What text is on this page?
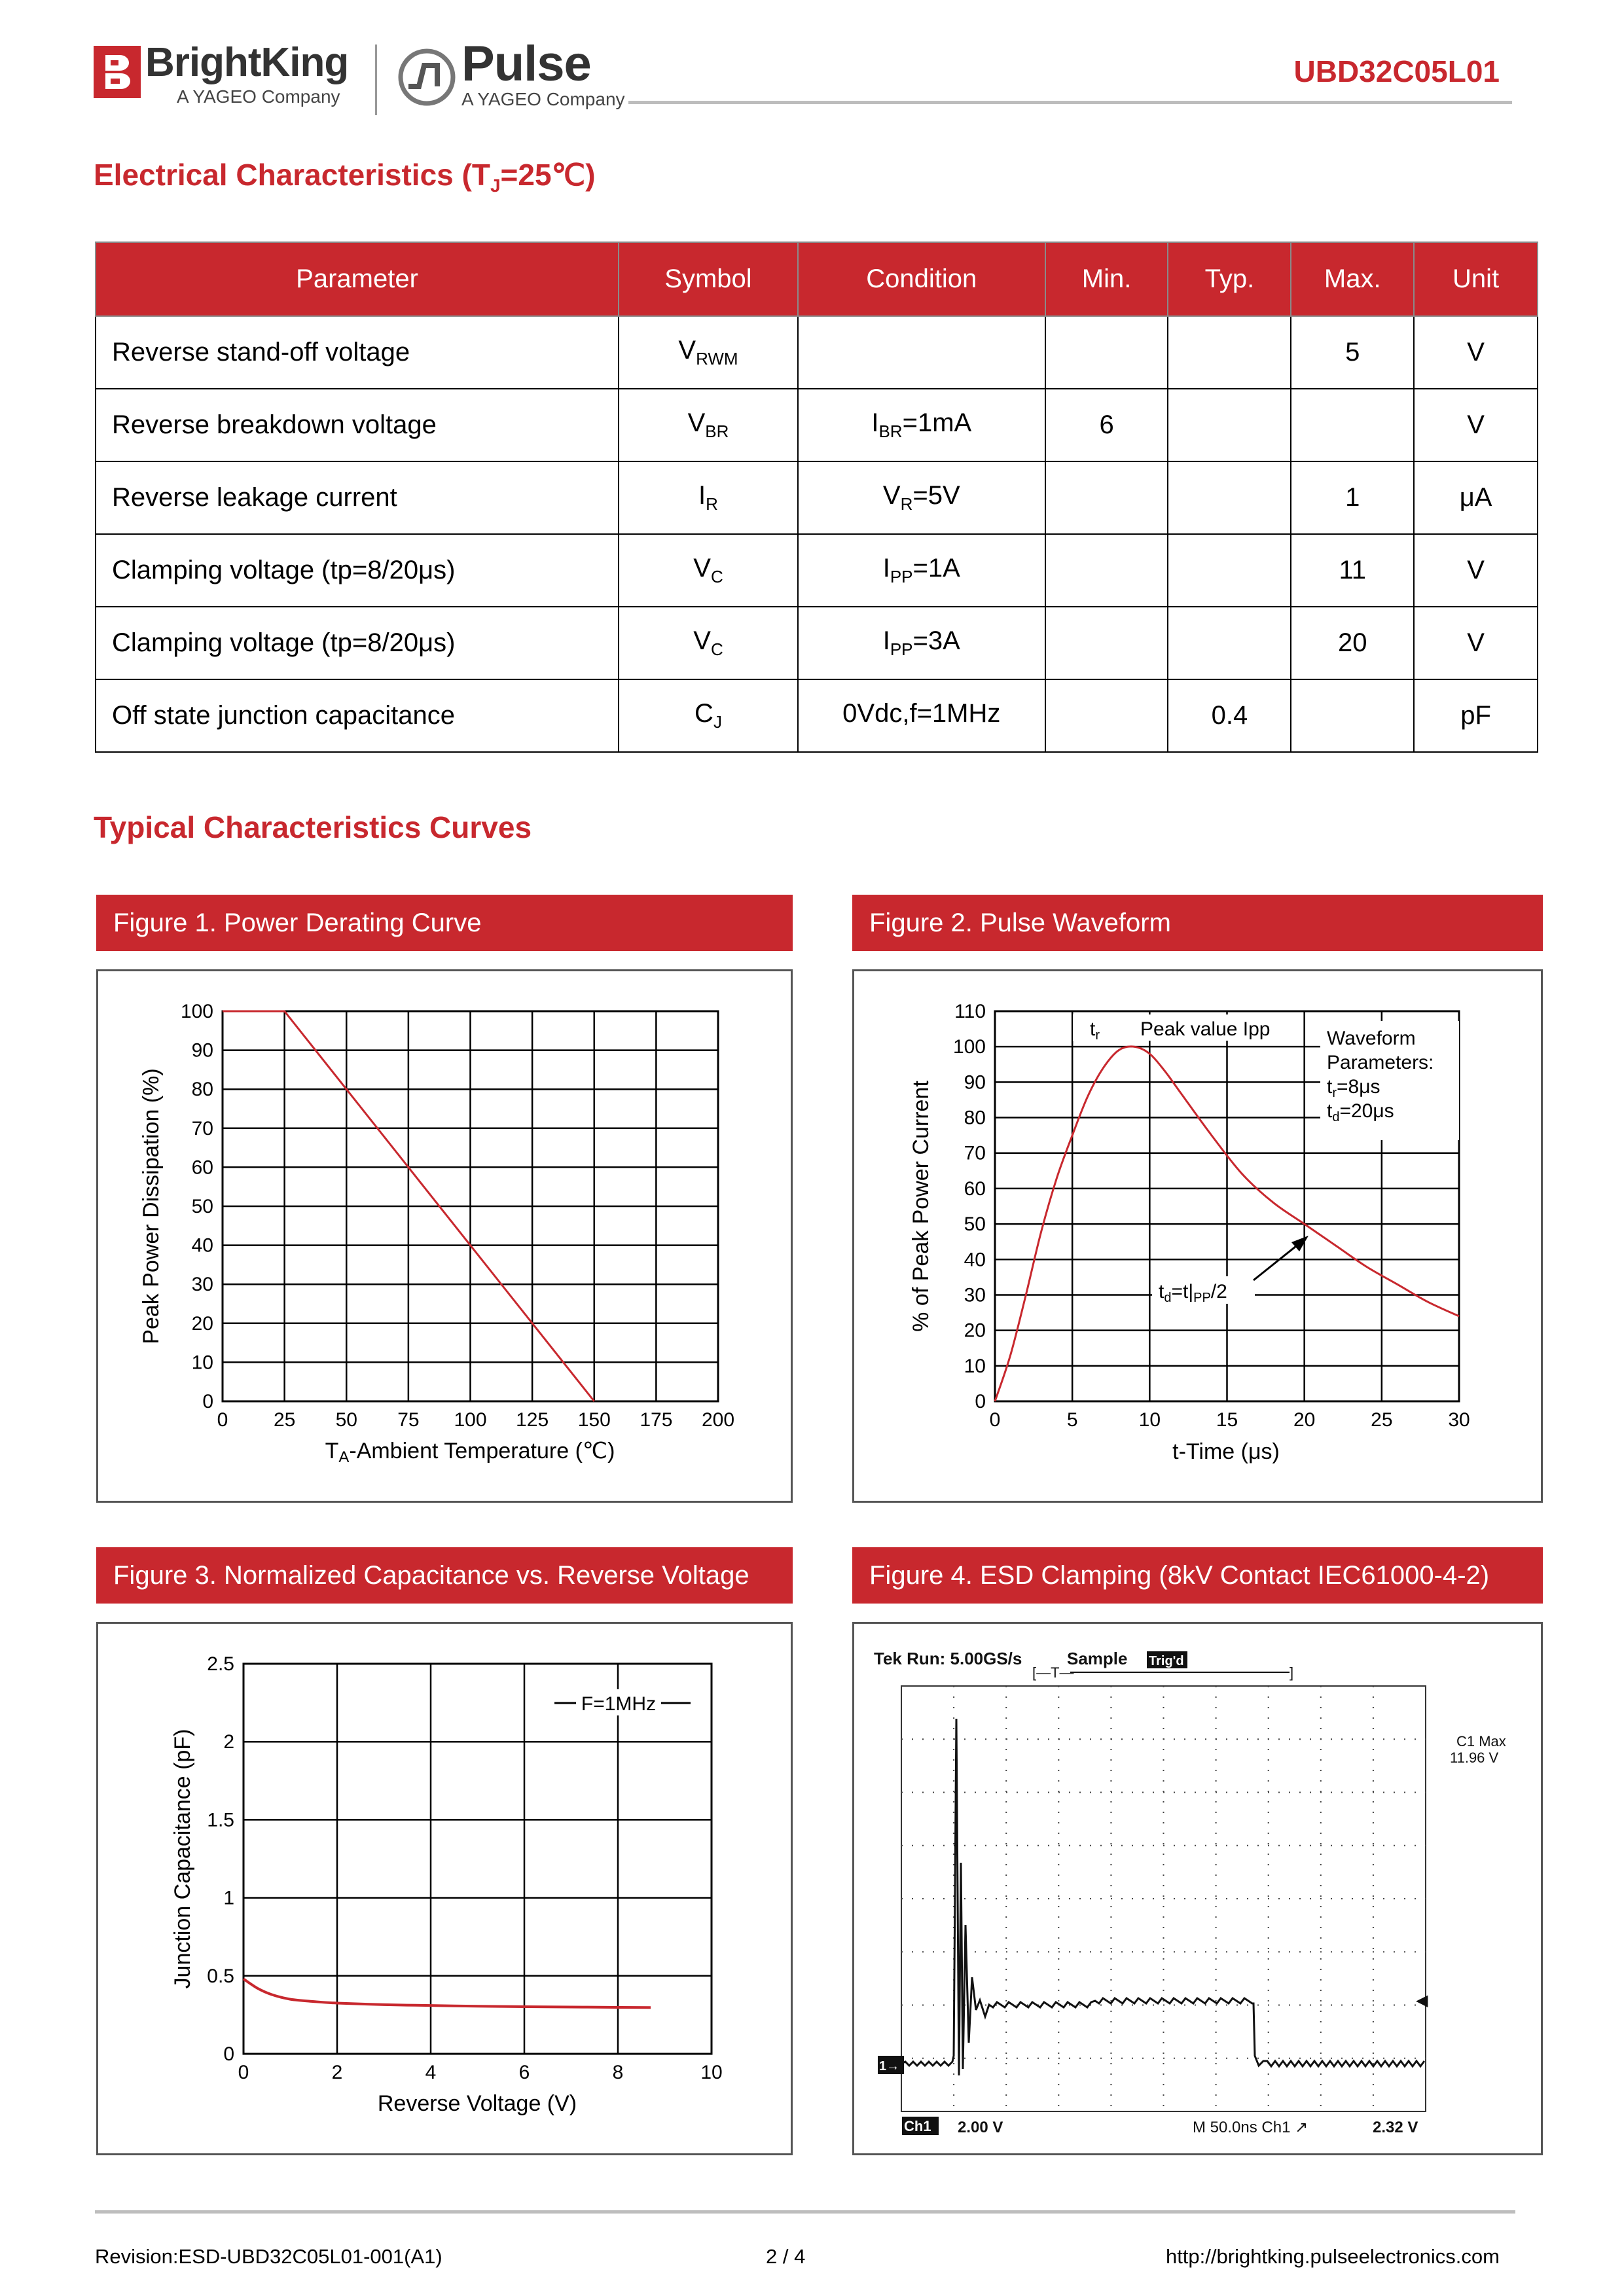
BrightKing
A YAGEO Company
Pulse
A YAGEO Company
UBD32C05L01
Electrical Characteristics $(T_J=25℃)$
Parameter	Symbol	Condition	Min.	Typ.	Max.	Unit
Reverse stand-off voltage	$V_{RWM}$				5	V
Reverse breakdown voltage	$V_{BR}$	$I_{BR}=1mA$	6			V
Reverse leakage current	$I_R$	$V_R=5V$			1	μA
Clamping voltage (tp=8/20μs)	$V_C$	$I_{PP}=1A$			11	V
Clamping voltage (tp=8/20μs)	$V_C$	$I_{PP}=3A$			20	V
Off state junction capacitance	$C_J$	0Vdc,f=1MHz		0.4		pF
Typical Characteristics Curves
Figure 1. Power Derating Curve
0 25 50 75 100 125 150 175 200
0
10
20
30
40
50
60
70
80
90
100
TA-Ambient Temperature (℃)
Peak Power Dissipation (%)
Figure 2. Pulse Waveform
0	5	10	15	20	25	30
0
10
20
30
40
50
60
70
80
90
100
110
t-Time (μs)
% of Peak Power Current
$t_r$ Peak value Ipp	Waveform
Parameters:
$t_r=8\mu s$
$t_d=20\mu s$
$t_d=t|_{PP}/2$
Figure 3. Normalized Capacitance vs. Reverse Voltage
0	2	4	6	8	10
0
0.5
1
1.5
2
2.5
F=1MHz
Reverse Voltage (V)
Junction Capacitance (pF)
Figure 4. ESD Clamping (8kV Contact IEC61000-4-2)
Tek Run: 5.00GS/s	Sample Trig'd
[—T—	]
C1 Max
11.96 V
◀
1→
Ch1 2.00 V	M 50.0ns Ch1 ↗	2.32 V
Revision:ESD-UBD32C05L01-001(A1)	2 / 4	http://brightking.pulseelectronics.com
